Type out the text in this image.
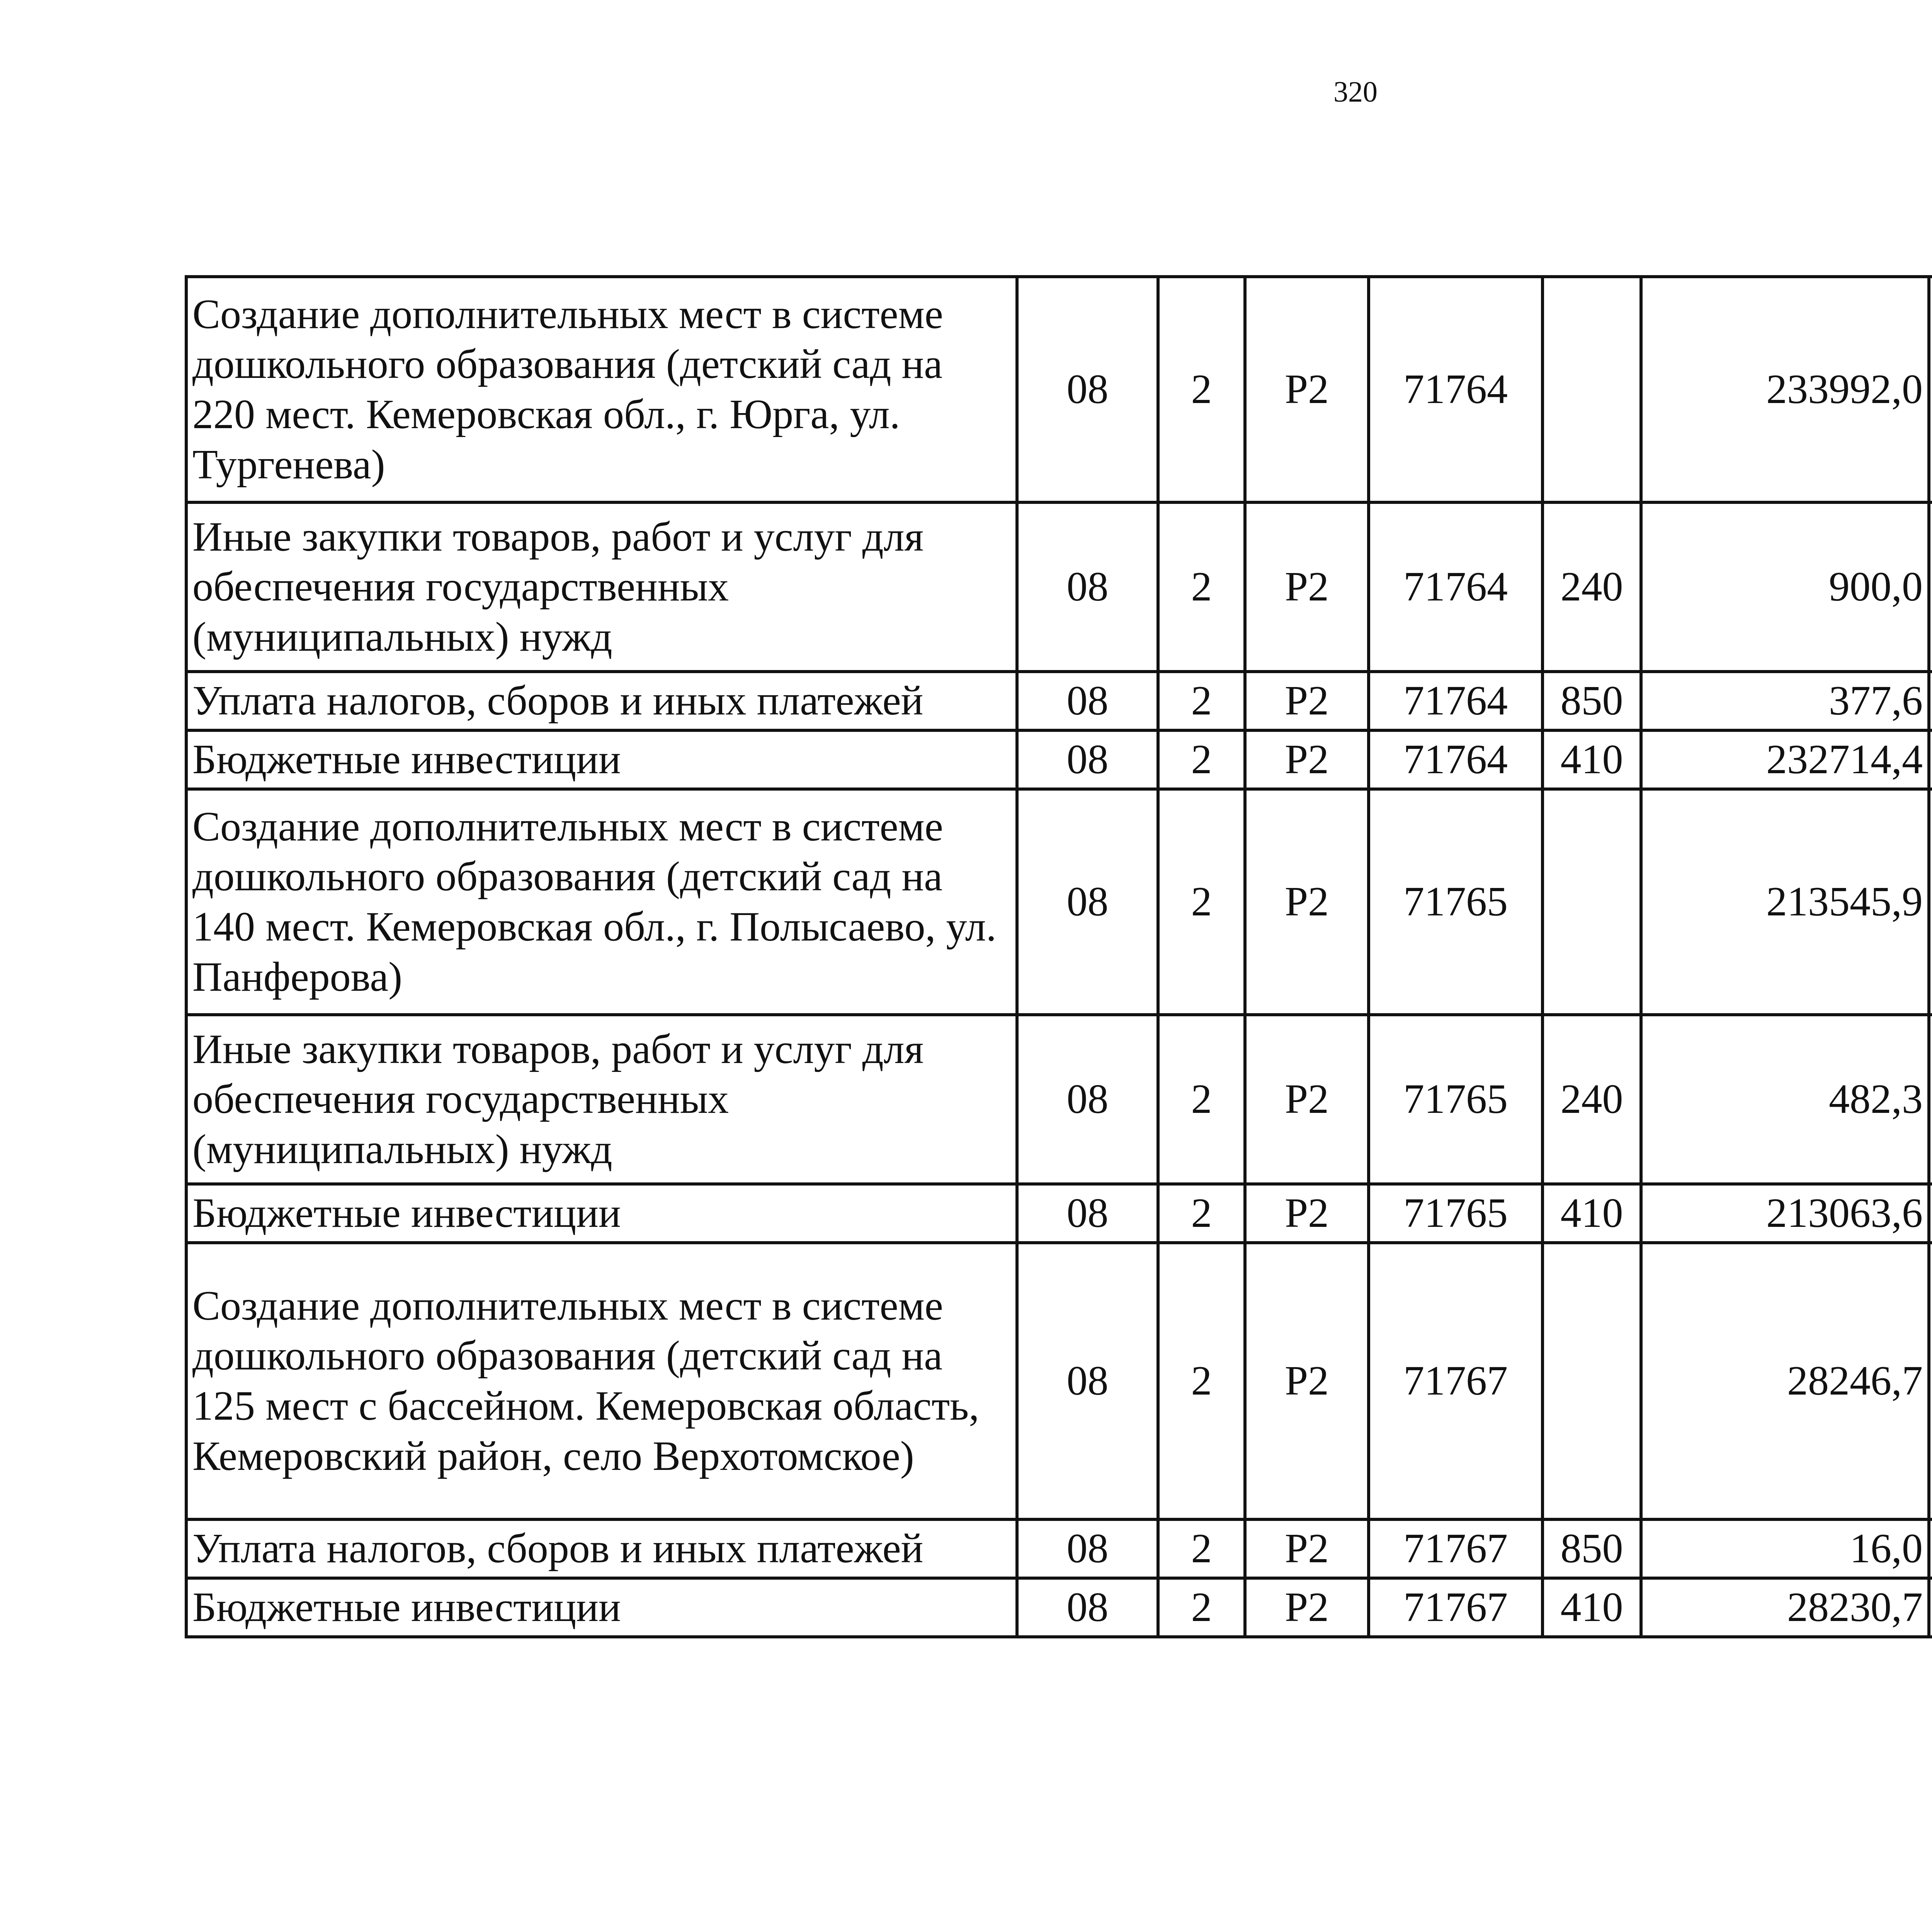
320
Создание дополнительных мест в системе дошкольного образования (детский сад на 220 мест. Кемеровская обл., г. Юрга, ул. Тургенева)	08	2	Р2	71764		233992,0		
Иные закупки товаров, работ и услуг для обеспечения государственных (муниципальных) нужд	08	2	Р2	71764	240	900,0		
Уплата налогов, сборов и иных платежей	08	2	Р2	71764	850	377,6		
Бюджетные инвестиции	08	2	Р2	71764	410	232714,4		
Создание дополнительных мест в системе дошкольного образования (детский сад на 140 мест. Кемеровская обл., г. Полысаево, ул. Панферова)	08	2	Р2	71765		213545,9		
Иные закупки товаров, работ и услуг для обеспечения государственных (муниципальных) нужд	08	2	Р2	71765	240	482,3		
Бюджетные инвестиции	08	2	Р2	71765	410	213063,6		
Создание дополнительных мест в системе дошкольного образования (детский сад на 125 мест с бассейном. Кемеровская область, Кемеровский район, село Верхотомское)	08	2	Р2	71767		28246,7		
Уплата налогов, сборов и иных платежей	08	2	Р2	71767	850	16,0		
Бюджетные инвестиции	08	2	Р2	71767	410	28230,7		
